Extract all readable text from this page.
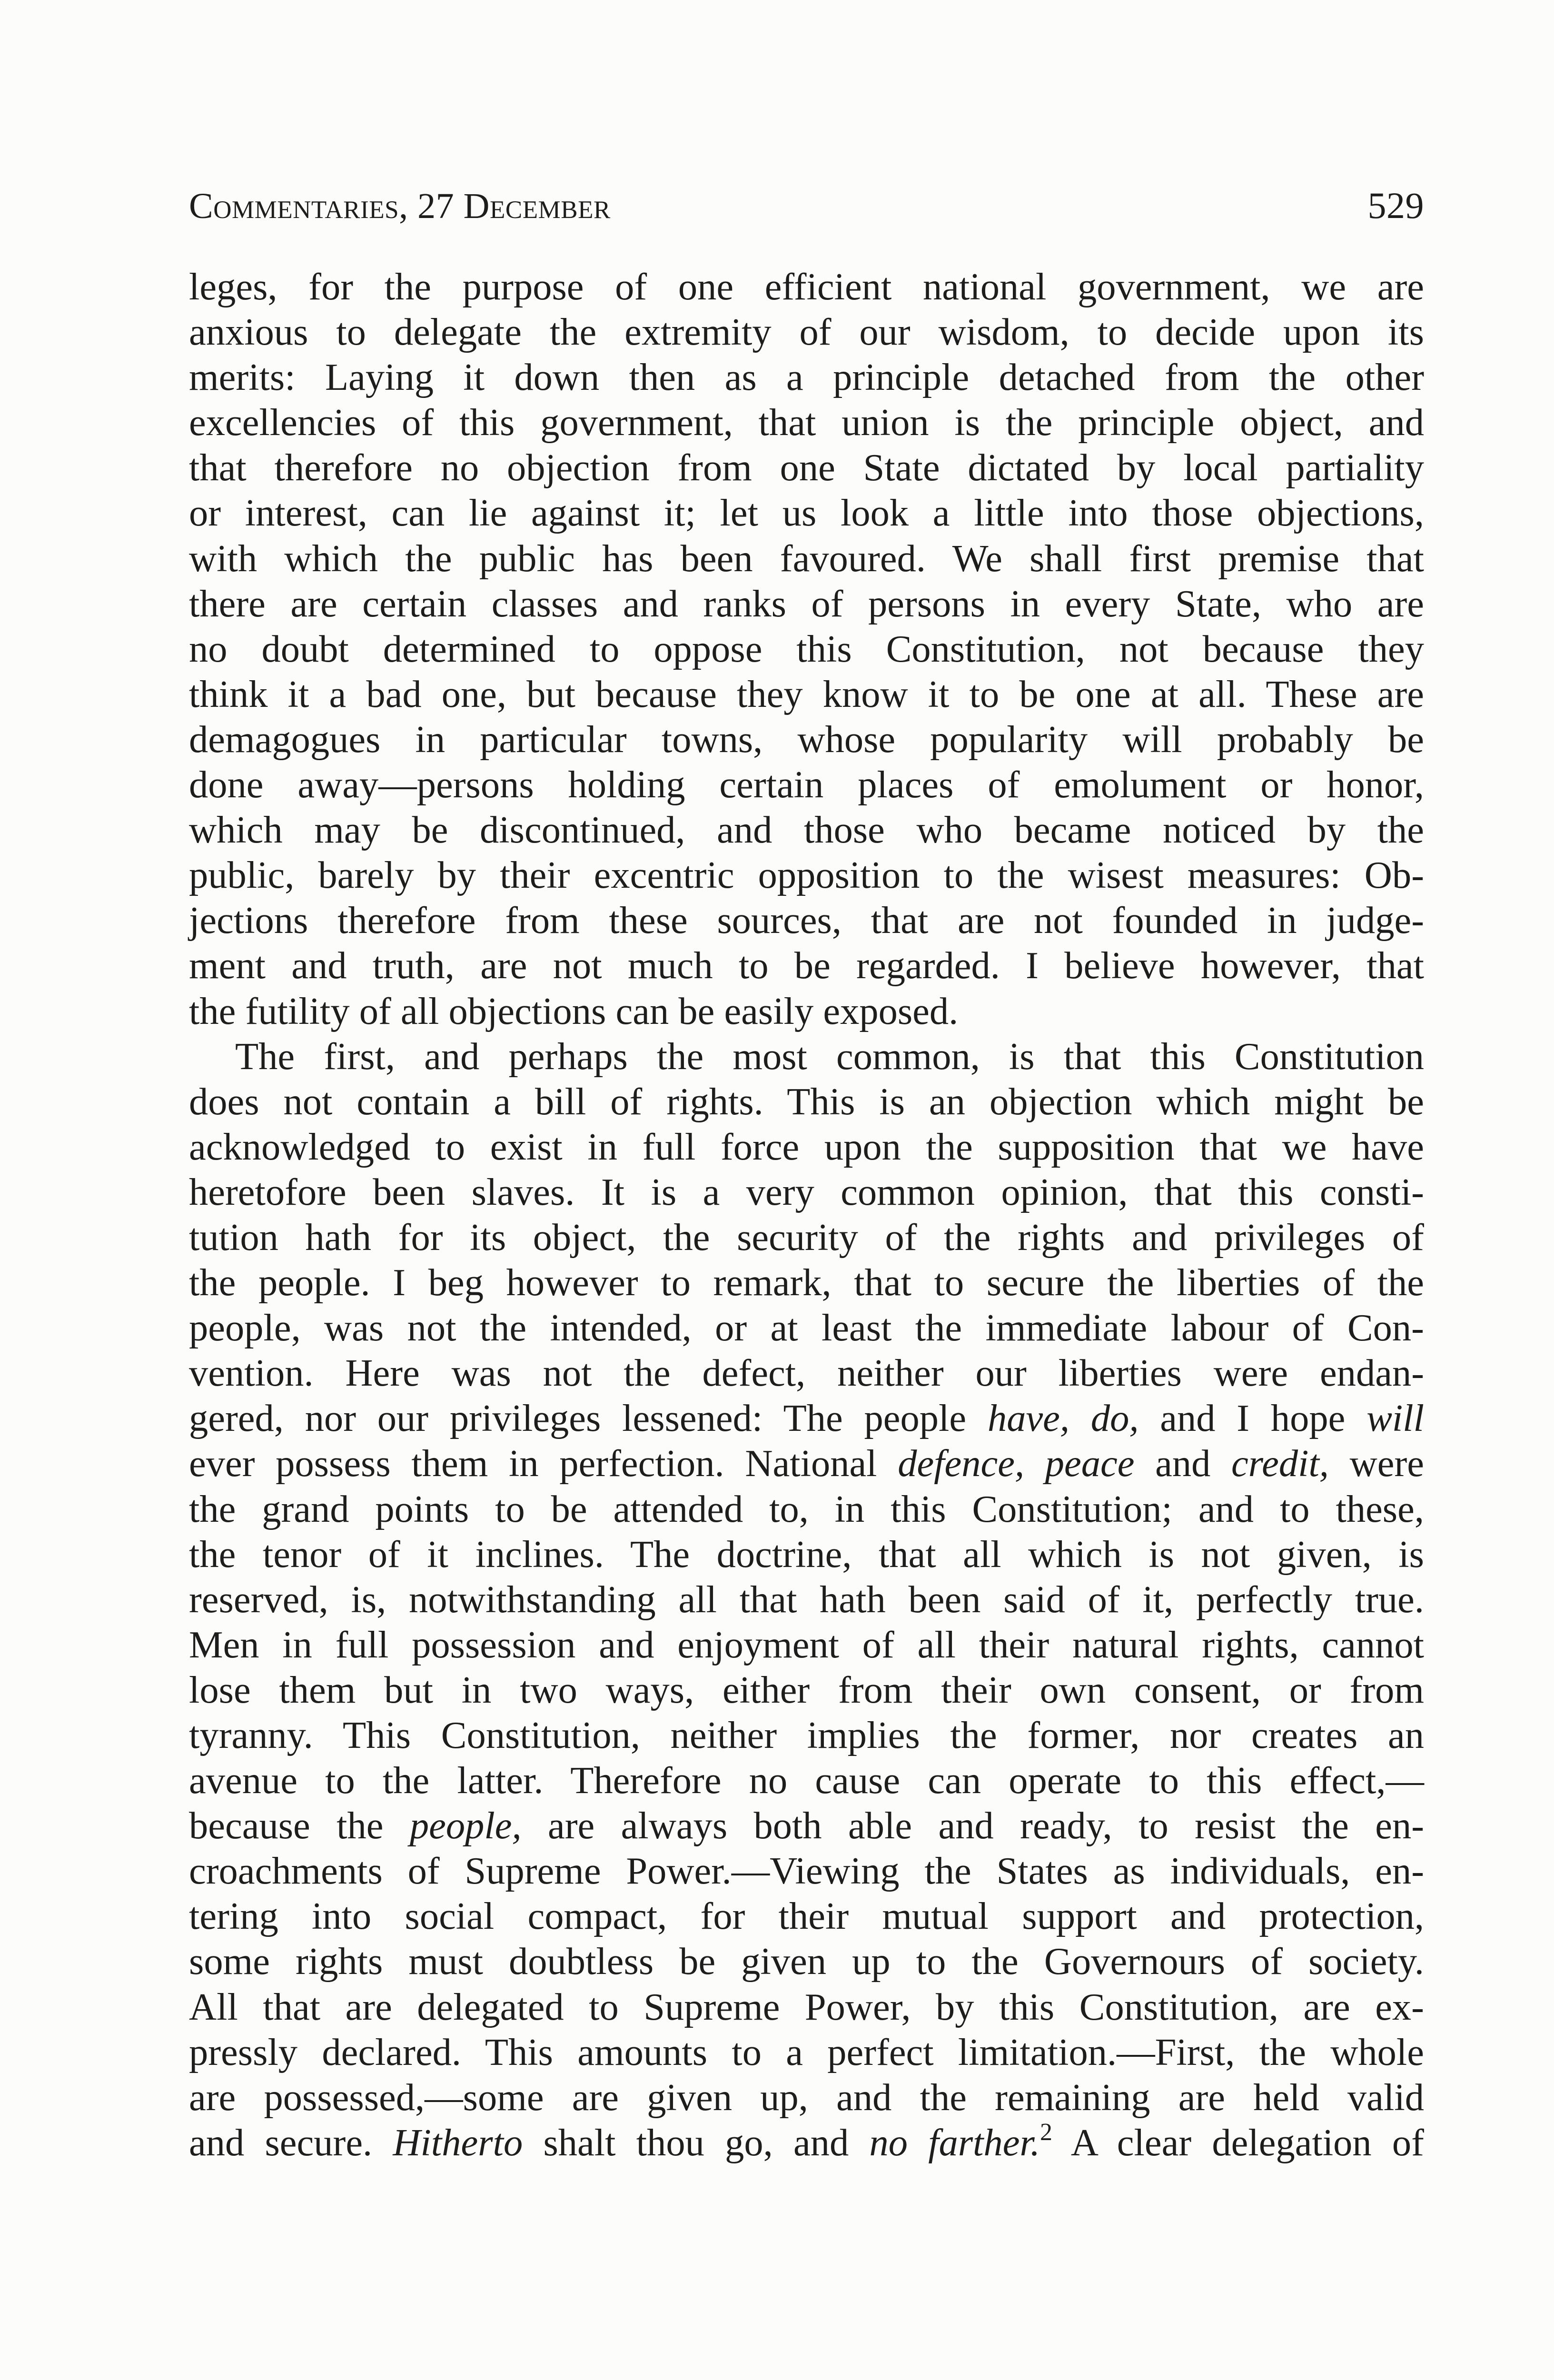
Commentaries, 27 December	529
leges, for the purpose of one efficient national government, we are
anxious to delegate the extremity of our wisdom, to decide upon its
merits: Laying it down then as a principle detached from the other
excellencies of this government, that union is the principle object, and
that therefore no objection from one State dictated by local partiality
or interest, can lie against it; let us look a little into those objections,
with which the public has been favoured. We shall first premise that
there are certain classes and ranks of persons in every State, who are
no doubt determined to oppose this Constitution, not because they
think it a bad one, but because they know it to be one at all. These are
demagogues in particular towns, whose popularity will probably be
done away—persons holding certain places of emolument or honor,
which may be discontinued, and those who became noticed by the
public, barely by their excentric opposition to the wisest measures: Ob-
jections therefore from these sources, that are not founded in judge-
ment and truth, are not much to be regarded. I believe however, that
the futility of all objections can be easily exposed.
The first, and perhaps the most common, is that this Constitution
does not contain a bill of rights. This is an objection which might be
acknowledged to exist in full force upon the supposition that we have
heretofore been slaves. It is a very common opinion, that this consti-
tution hath for its object, the security of the rights and privileges of
the people. I beg however to remark, that to secure the liberties of the
people, was not the intended, or at least the immediate labour of Con-
vention. Here was not the defect, neither our liberties were endan-
gered, nor our privileges lessened: The people have, do, and I hope will
ever possess them in perfection. National defence, peace and credit, were
the grand points to be attended to, in this Constitution; and to these,
the tenor of it inclines. The doctrine, that all which is not given, is
reserved, is, notwithstanding all that hath been said of it, perfectly true.
Men in full possession and enjoyment of all their natural rights, cannot
lose them but in two ways, either from their own consent, or from
tyranny. This Constitution, neither implies the former, nor creates an
avenue to the latter. Therefore no cause can operate to this effect,—
because the people, are always both able and ready, to resist the en-
croachments of Supreme Power.—Viewing the States as individuals, en-
tering into social compact, for their mutual support and protection,
some rights must doubtless be given up to the Governours of society.
All that are delegated to Supreme Power, by this Constitution, are ex-
pressly declared. This amounts to a perfect limitation.—First, the whole
are possessed,—some are given up, and the remaining are held valid
and secure. Hitherto shalt thou go, and no farther.$^2$ A clear delegation of
